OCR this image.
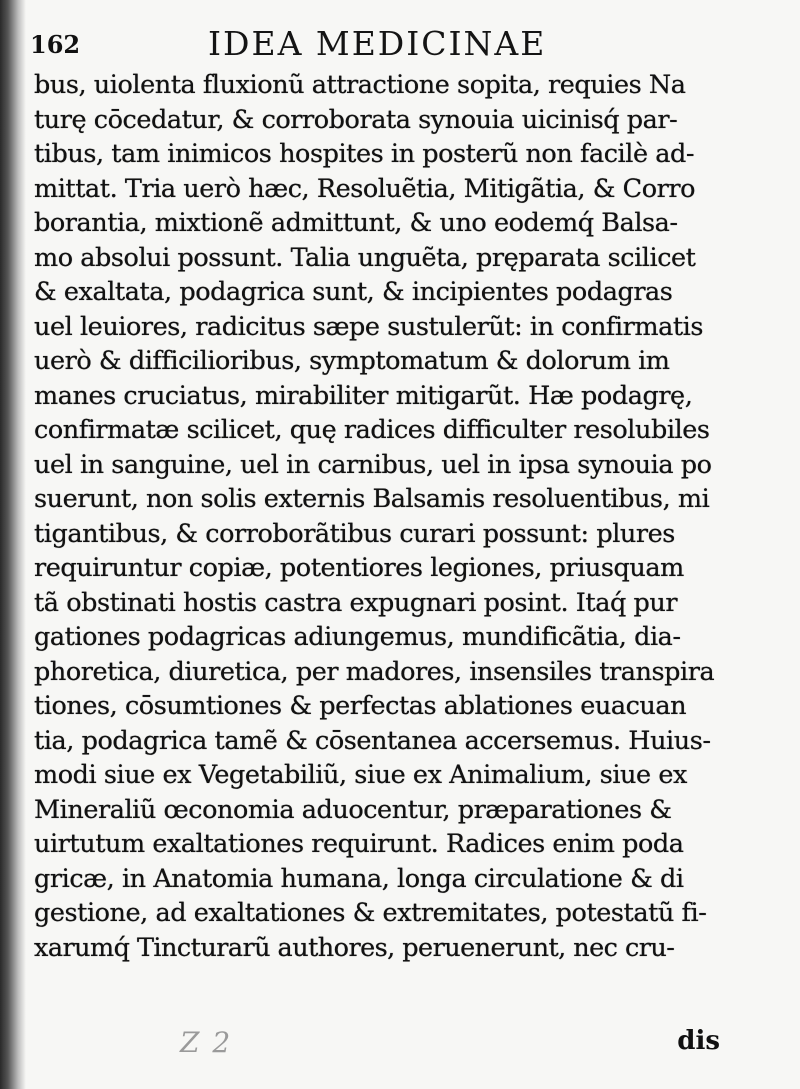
162	IDEA MEDICINAE
bus, uiolenta fluxionũ attractione sopita, requies Na
turę cōcedatur, & corroborata synouia uicinisq́ par-
tibus, tam inimicos hospites in posterũ non facilè ad-
mittat. Tria uerò hæc, Resoluẽtia, Mitigãtia, & Corro
borantia, mixtionẽ admittunt, & uno eodemq́ Balsa-
mo absolui possunt. Talia unguẽta, pręparata scilicet
& exaltata, podagrica sunt, & incipientes podagras
uel leuiores, radicitus sæpe sustulerũt: in confirmatis
uerò & difficilioribus, symptomatum & dolorum im
manes cruciatus, mirabiliter mitigarũt. Hæ podagrę,
confirmatæ scilicet, quę radices difficulter resolubiles
uel in sanguine, uel in carnibus, uel in ipsa synouia po
suerunt, non solis externis Balsamis resoluentibus, mi
tigantibus, & corroborãtibus curari possunt: plures
requiruntur copiæ, potentiores legiones, priusquam
tã obstinati hostis castra expugnari posint. Itaq́ pur
gationes podagricas adiungemus, mundificãtia, dia-
phoretica, diuretica, per madores, insensiles transpira
tiones, cōsumtiones & perfectas ablationes euacuan
tia, podagrica tamẽ & cōsentanea accersemus. Huius-
modi siue ex Vegetabiliũ, siue ex Animalium, siue ex
Mineraliũ œconomia aduocentur, præparationes &
uirtutum exaltationes requirunt. Radices enim poda
gricæ, in Anatomia humana, longa circulatione & di
gestione, ad exaltationes & extremitates, potestatũ fi-
xarumq́ Tincturarũ authores, peruenerunt, nec cru-
Z 2	dis
